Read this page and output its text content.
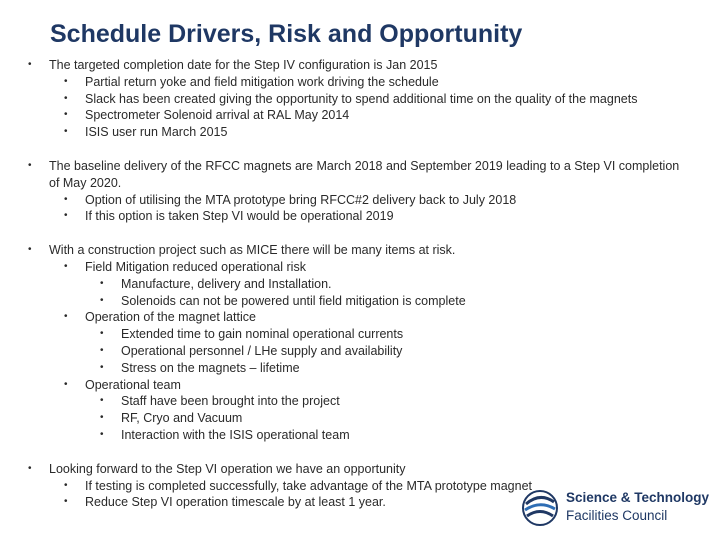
Schedule Drivers, Risk and Opportunity
• The targeted completion date for the Step IV configuration is Jan 2015
• Partial return yoke and field mitigation work driving the schedule
• Slack has been created giving the opportunity to spend additional time on the quality of the magnets
• Spectrometer Solenoid arrival at RAL May 2014
• ISIS user run March 2015
• The baseline delivery of the RFCC magnets are March 2018 and September 2019 leading to a Step VI completion of May 2020.
• Option of utilising the MTA prototype bring RFCC#2 delivery back to July 2018
• If this option is taken Step VI would be operational 2019
• With a construction project such as MICE there will be many items at risk.
• Field Mitigation reduced operational risk
• Manufacture, delivery and Installation.
• Solenoids can not be powered until field mitigation is complete
• Operation of the magnet lattice
• Extended time to gain nominal operational currents
• Operational personnel / LHe supply and availability
• Stress on the magnets – lifetime
• Operational team
• Staff have been brought into the project
• RF, Cryo and Vacuum
• Interaction with the ISIS operational team
• Looking forward to the Step VI operation we have an opportunity
• If testing is completed successfully, take advantage of the MTA prototype magnet
• Reduce Step VI operation timescale by at least 1 year.	Science & Technology
Facilities Council
